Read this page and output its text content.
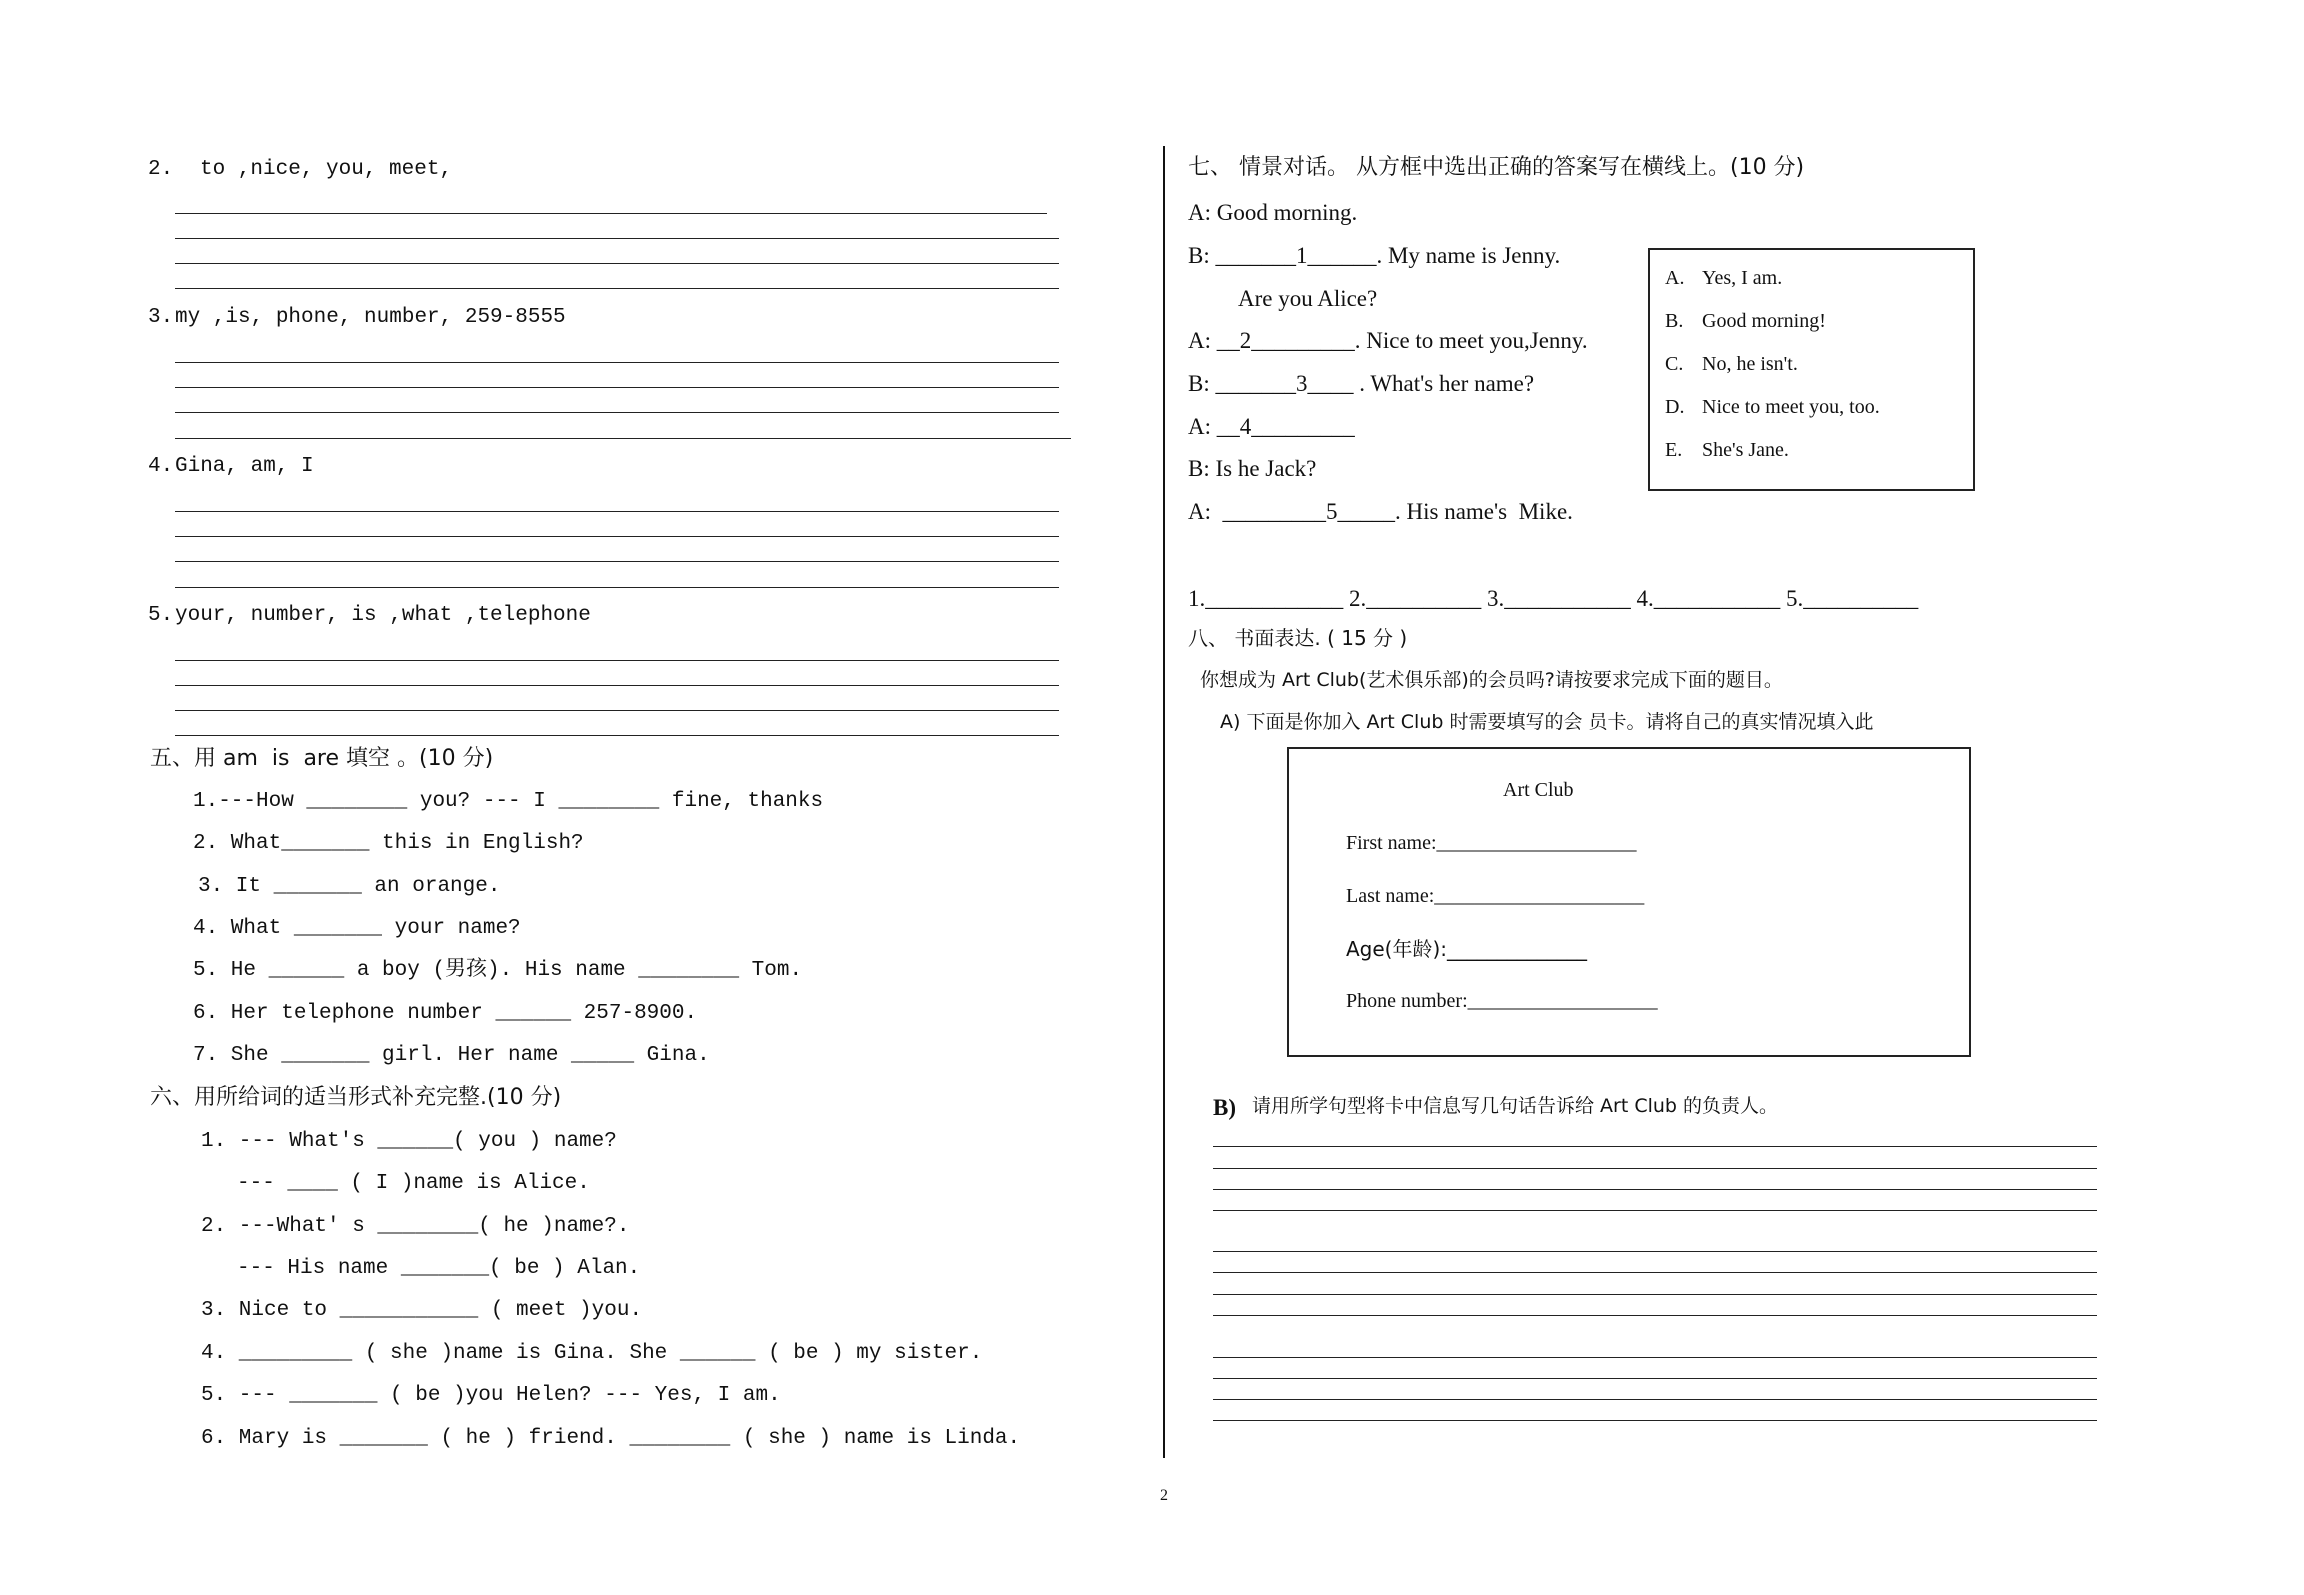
2. to ,nice, you, meet,
3. my ,is, phone, number, 259-8555
4. Gina, am, I
5. your, number, is ,what ,telephone
五、用 am  is  are 填空 。(10 分)
1.---How ________ you? --- I ________ fine, thanks
2. What_______ this in English?
3. It _______ an orange.
4. What _______ your name?
5. He ______ a boy (男孩). His name ________ Tom.
6. Her telephone number ______ 257-8900.
7. She _______ girl. Her name _____ Gina.
六、用所给词的适当形式补充完整.(10 分)
1. --- What's ______( you ) name?
--- ____ ( I )name is Alice.
2. ---What' s ________( he )name?.
--- His name _______( be ) Alan.
3. Nice to ___________ ( meet )you.
4. _________ ( she )name is Gina. She ______ ( be ) my sister.
5. --- _______ ( be )you Helen? --- Yes, I am.
6. Mary is _______ ( he ) friend. ________ ( she ) name is Linda.
七、 情景对话。 从方框中选出正确的答案写在横线上。(10 分)
A: Good morning.
B: _______1______. My name is Jenny.
Are you Alice?
A: __2_________. Nice to meet you,Jenny.
B: _______3____ . What's her name?
A: __4_________
B: Is he Jack?
A:  _________5_____. His name's  Mike.
A. Yes, I am.
B. Good morning!
C. No, he isn't.
D. Nice to meet you, too.
E. She's Jane.
1.____________ 2.__________ 3.___________ 4.___________ 5.__________
八、 书面表达. ( 15 分 )
你想成为 Art Club(艺术俱乐部)的会员吗?请按要求完成下面的题目。
A) 下面是你加入 Art Club 时需要填写的会 员卡。请将自己的真实情况填入此
Art Club
First name:____________________
Last name:_____________________
Age(年龄):______________
Phone number:___________________
B) 请用所学句型将卡中信息写几句话告诉给 Art Club 的负责人。
2
